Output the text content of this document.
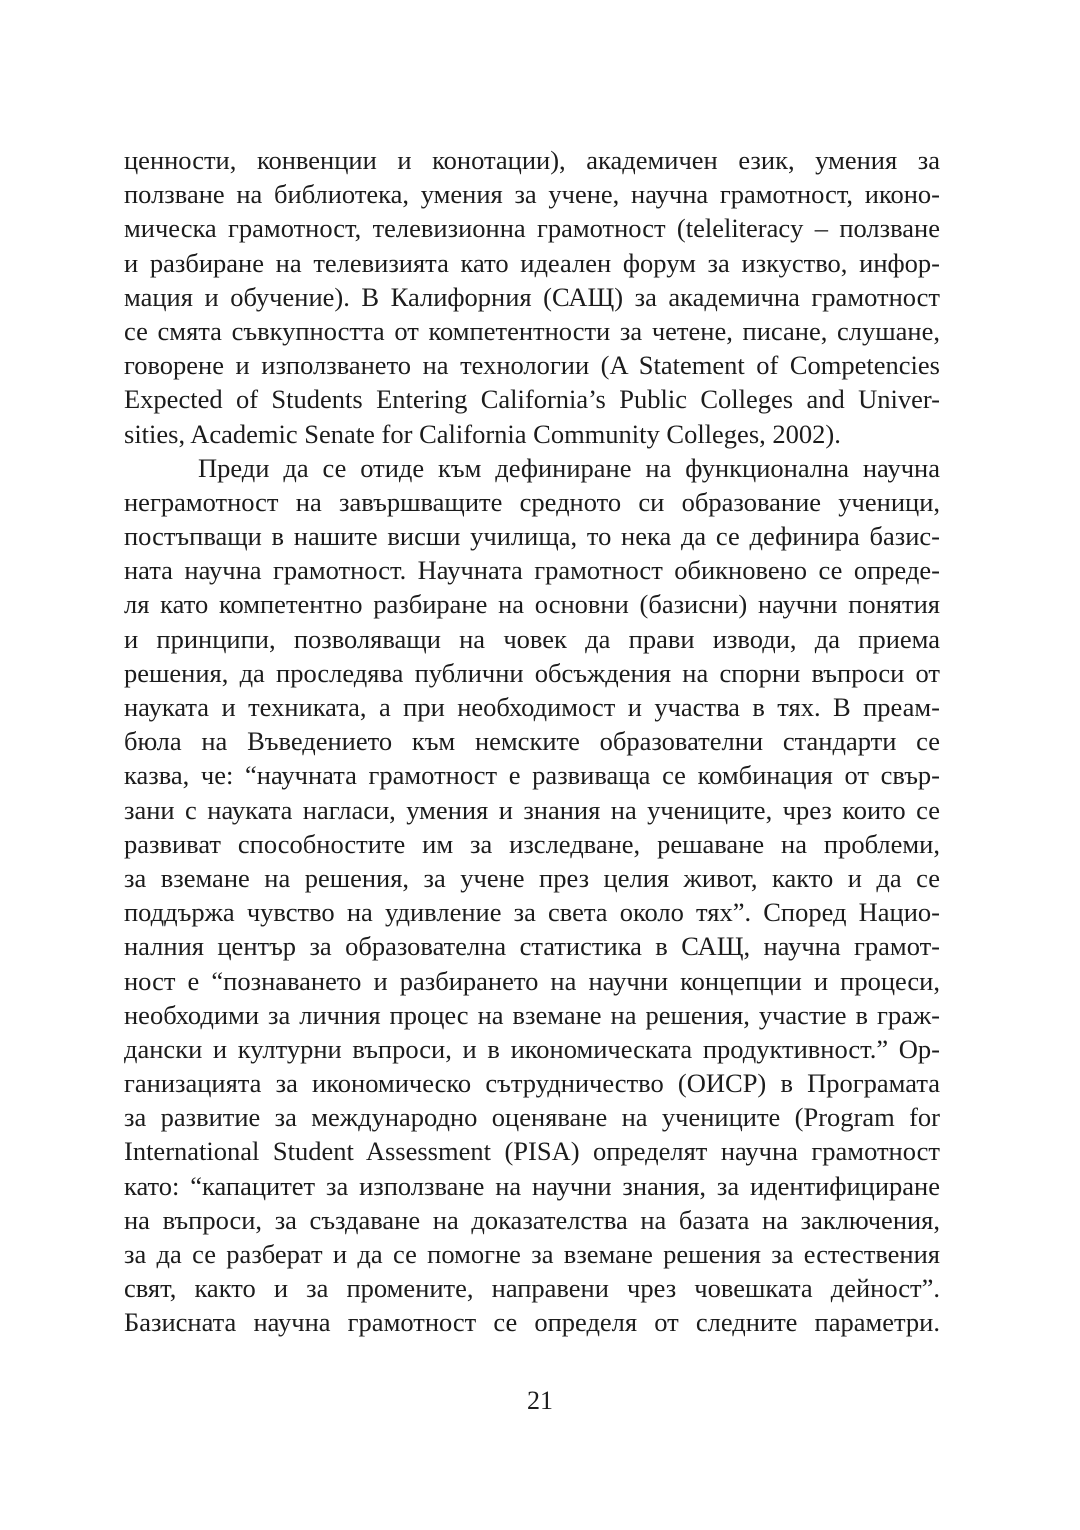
ценности, конвенции и конотации), академичен език, умения за
ползване на библиотека, умения за учене, научна грамотност, иконо-
мическа грамотност, телевизионна грамотност (teleliteracy – ползване
и разбиране на телевизията като идеален форум за изкуство, инфор-
мация и обучение). В Калифорния (САЩ) за академична грамотност
се смята съвкупността от компетентности за четене, писане, слушане,
говорене и използването на технологии (A Statement of Competencies
Expected of Students Entering California’s Public Colleges and Univer-
sities, Academic Senate for California Community Colleges, 2002).

Преди да се отиде към дефиниране на функционална научна
неграмотност на завършващите средното си образование ученици,
постъпващи в нашите висши училища, то нека да се дефинира базис-
ната научна грамотност. Научната грамотност обикновено се опреде-
ля като компетентно разбиране на основни (базисни) научни понятия
и принципи, позволяващи на човек да прави изводи, да приема
решения, да проследява публични обсъждения на спорни въпроси от
науката и техниката, а при необходимост и участва в тях. В преам-
бюла на Въведението към немските образователни стандарти се
казва, че: “научната грамотност е развиваща се комбинация от свър-
зани с науката нагласи, умения и знания на учениците, чрез които се
развиват способностите им за изследване, решаване на проблеми,
за вземане на решения, за учене през целия живот, както и да се
поддържа чувство на удивление за света около тях”. Според Нацио-
налния център за образователна статистика в САЩ, научна грамот-
ност е “познаването и разбирането на научни концепции и процеси,
необходими за личния процес на вземане на решения, участие в граж-
дански и културни въпроси, и в икономическата продуктивност.” Ор-
ганизацията за икономическо сътрудничество (ОИСР) в Програмата
за развитие за международно оценяване на учениците (Program for
International Student Assessment (PISA) определят научна грамотност
като: “капацитет за използване на научни знания, за идентифициране
на въпроси, за създаване на доказателства на базата на заключения,
за да се разберат и да се помогне за вземане решения за естествения
свят, както и за промените, направени чрез човешката дейност”.
Базисната научна грамотност се определя от следните параметри.

21
